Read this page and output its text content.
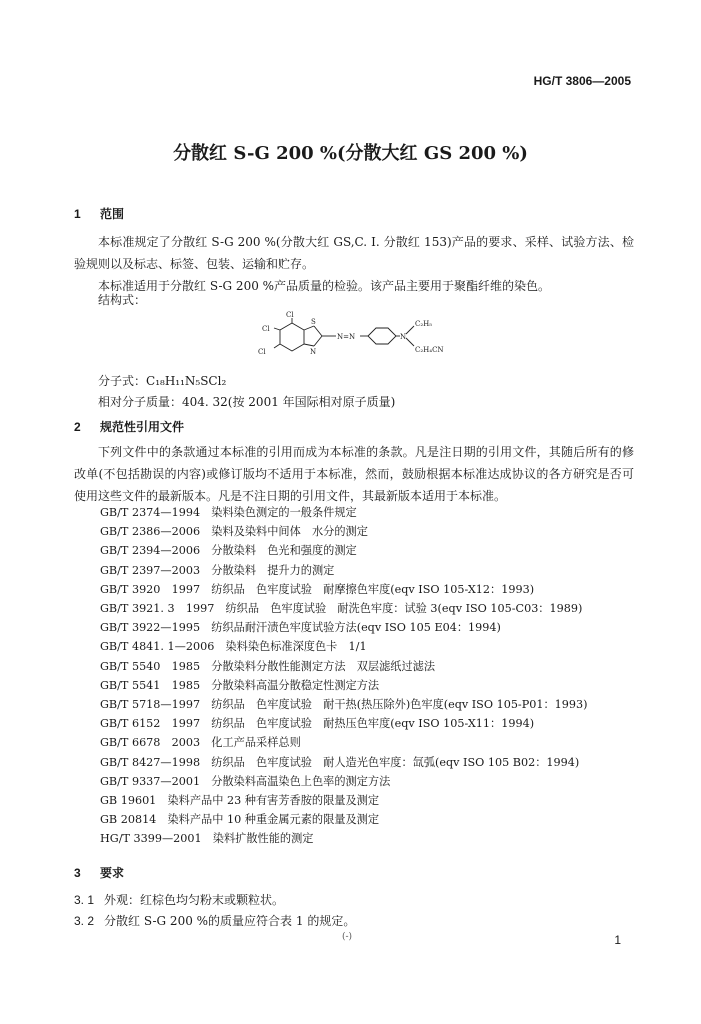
HG/T 3806—2005
分散红 S-G 200 %(分散大红 GS 200 %)
1 范围
本标准规定了分散红 S-G 200 %(分散大红 GS,C. I. 分散红 153)产品的要求、采样、试验方法、检验规则以及标志、标签、包装、运输和贮存。
本标准适用于分散红 S-G 200 %产品质量的检验。该产品主要用于聚酯纤维的染色。
结构式：
Cl
Cl
Cl
S
N
N=N	N
C₂H₅
C₂H₄CN
分子式：C₁₈H₁₁N₅SCl₂
相对分子质量：404. 32(按 2001 年国际相对原子质量)
2 规范性引用文件
下列文件中的条款通过本标准的引用而成为本标准的条款。凡是注日期的引用文件，其随后所有的修改单(不包括勘误的内容)或修订版均不适用于本标准，然而，鼓励根据本标准达成协议的各方研究是否可使用这些文件的最新版本。凡是不注日期的引用文件，其最新版本适用于本标准。
GB/T 2374—1994　染料染色测定的一般条件规定
GB/T 2386—2006　染料及染料中间体　水分的测定
GB/T 2394—2006　分散染料　色光和强度的测定
GB/T 2397—2003　分散染料　提升力的测定
GB/T 3920　1997　纺织品　色牢度试验　耐摩擦色牢度(eqv ISO 105-X12：1993)
GB/T 3921. 3　1997　纺织品　色牢度试验　耐洗色牢度：试验 3(eqv ISO 105-C03：1989)
GB/T 3922—1995　纺织品耐汗渍色牢度试验方法(eqv ISO 105 E04：1994)
GB/T 4841. 1—2006　染料染色标准深度色卡　1/1
GB/T 5540　1985　分散染料分散性能测定方法　双层滤纸过滤法
GB/T 5541　1985　分散染料高温分散稳定性测定方法
GB/T 5718—1997　纺织品　色牢度试验　耐干热(热压除外)色牢度(eqv ISO 105-P01：1993)
GB/T 6152　1997　纺织品　色牢度试验　耐热压色牢度(eqv ISO 105-X11：1994)
GB/T 6678　2003　化工产品采样总则
GB/T 8427—1998　纺织品　色牢度试验　耐人造光色牢度：氙弧(eqv ISO 105 B02：1994)
GB/T 9337—2001　分散染料高温染色上色率的测定方法
GB 19601　染料产品中 23 种有害芳香胺的限量及测定
GB 20814　染料产品中 10 种重金属元素的限量及测定
HG/T 3399—2001　染料扩散性能的测定
3 要求
3. 1 外观：红棕色均匀粉末或颗粒状。
3. 2 分散红 S-G 200 %的质量应符合表 1 的规定。
(-)	1
